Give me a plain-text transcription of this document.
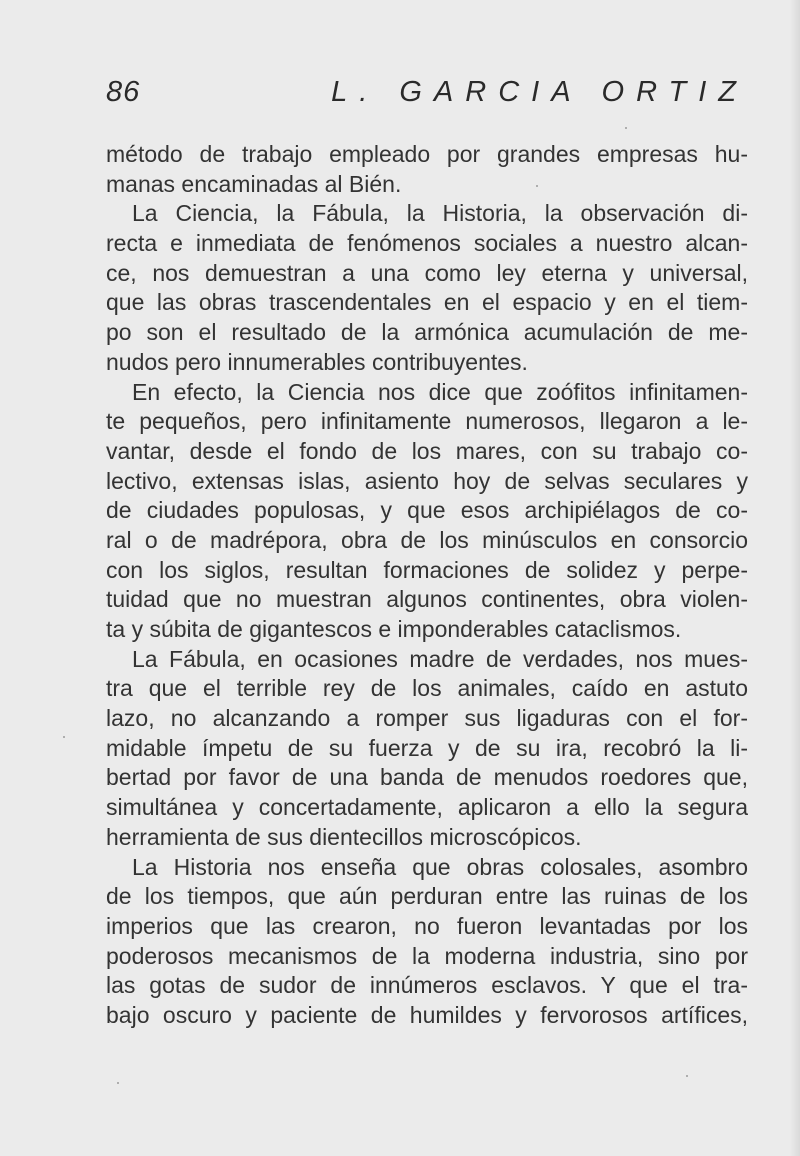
86	L. GARCIA ORTIZ
método de trabajo empleado por grandes empresas hu-
manas encaminadas al Bién.
La Ciencia, la Fábula, la Historia, la observación di-
recta e inmediata de fenómenos sociales a nuestro alcan-
ce, nos demuestran a una como ley eterna y universal,
que las obras trascendentales en el espacio y en el tiem-
po son el resultado de la armónica acumulación de me-
nudos pero innumerables contribuyentes.
En efecto, la Ciencia nos dice que zoófitos infinitamen-
te pequeños, pero infinitamente numerosos, llegaron a le-
vantar, desde el fondo de los mares, con su trabajo co-
lectivo, extensas islas, asiento hoy de selvas seculares y
de ciudades populosas, y que esos archipiélagos de co-
ral o de madrépora, obra de los minúsculos en consorcio
con los siglos, resultan formaciones de solidez y perpe-
tuidad que no muestran algunos continentes, obra violen-
ta y súbita de gigantescos e imponderables cataclismos.
La Fábula, en ocasiones madre de verdades, nos mues-
tra que el terrible rey de los animales, caído en astuto
lazo, no alcanzando a romper sus ligaduras con el for-
midable ímpetu de su fuerza y de su ira, recobró la li-
bertad por favor de una banda de menudos roedores que,
simultánea y concertadamente, aplicaron a ello la segura
herramienta de sus dientecillos microscópicos.
La Historia nos enseña que obras colosales, asombro
de los tiempos, que aún perduran entre las ruinas de los
imperios que las crearon, no fueron levantadas por los
poderosos mecanismos de la moderna industria, sino por
las gotas de sudor de innúmeros esclavos. Y que el tra-
bajo oscuro y paciente de humildes y fervorosos artífices,
